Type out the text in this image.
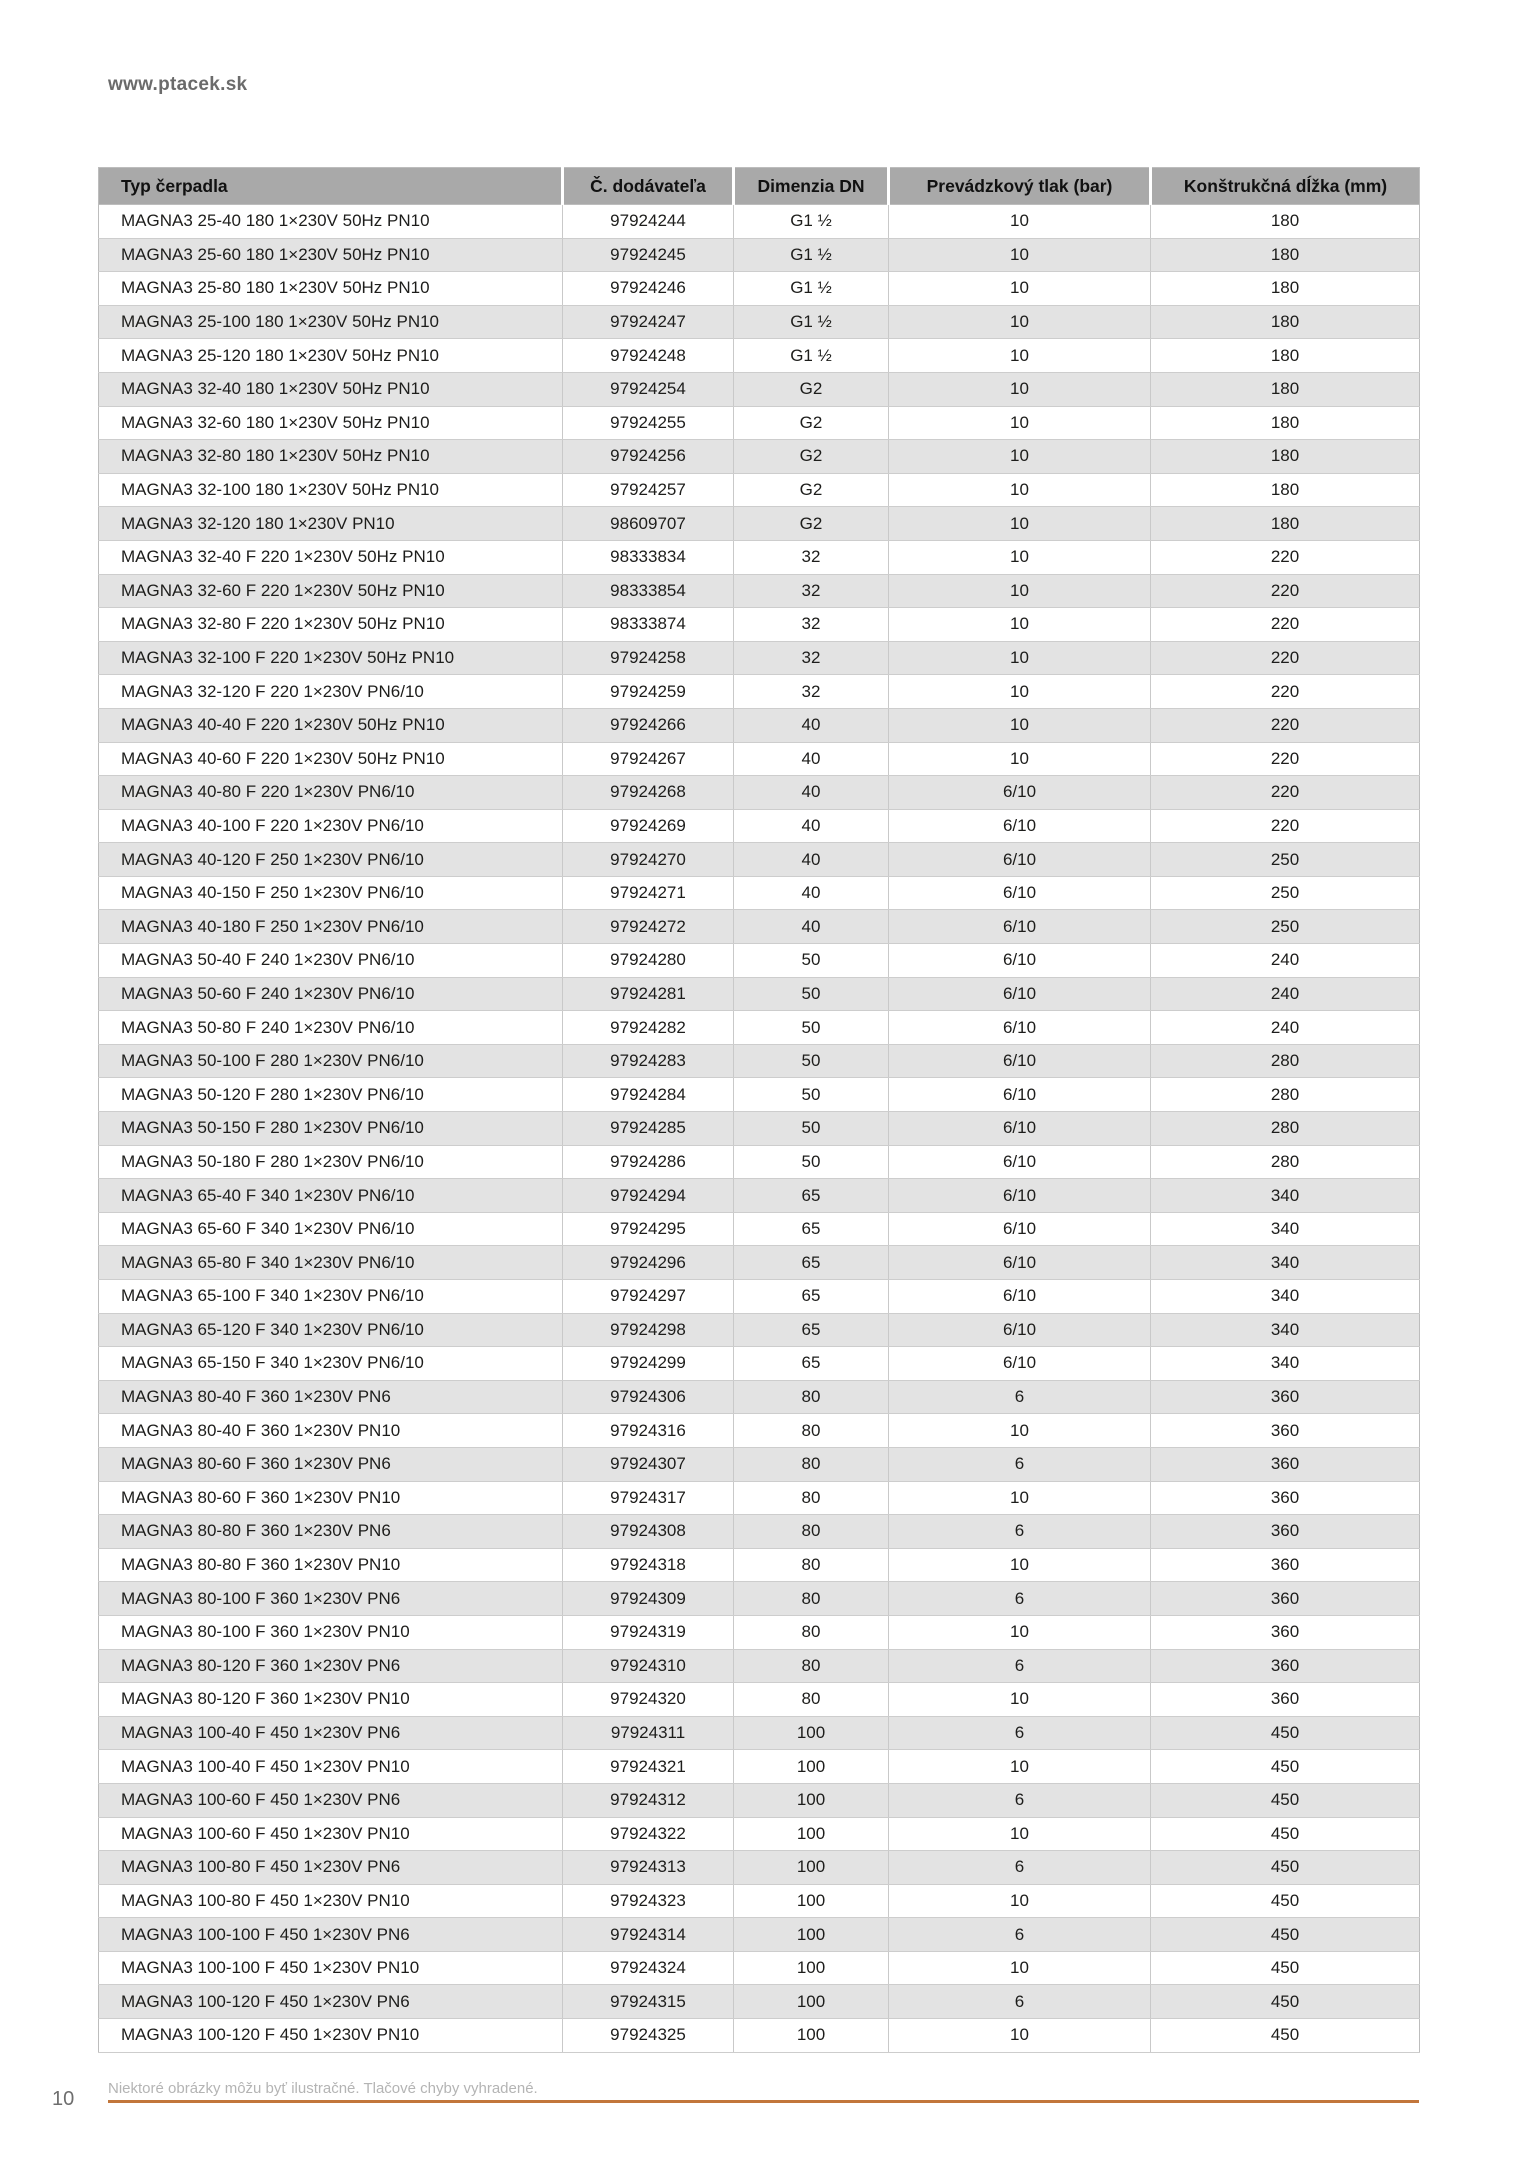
www.ptacek.sk
Typ čerpadla	Č. dodávateľa	Dimenzia DN	Prevádzkový tlak (bar)	Konštrukčná dĺžka (mm)
MAGNA3 25-40 180 1×230V 50Hz PN10	97924244	G1 ½	10	180
MAGNA3 25-60 180 1×230V 50Hz PN10	97924245	G1 ½	10	180
MAGNA3 25-80 180 1×230V 50Hz PN10	97924246	G1 ½	10	180
MAGNA3 25-100 180 1×230V 50Hz PN10	97924247	G1 ½	10	180
MAGNA3 25-120 180 1×230V 50Hz PN10	97924248	G1 ½	10	180
MAGNA3 32-40 180 1×230V 50Hz PN10	97924254	G2	10	180
MAGNA3 32-60 180 1×230V 50Hz PN10	97924255	G2	10	180
MAGNA3 32-80 180 1×230V 50Hz PN10	97924256	G2	10	180
MAGNA3 32-100 180 1×230V 50Hz PN10	97924257	G2	10	180
MAGNA3 32-120 180 1×230V PN10	98609707	G2	10	180
MAGNA3 32-40 F 220 1×230V 50Hz PN10	98333834	32	10	220
MAGNA3 32-60 F 220 1×230V 50Hz PN10	98333854	32	10	220
MAGNA3 32-80 F 220 1×230V 50Hz PN10	98333874	32	10	220
MAGNA3 32-100 F 220 1×230V 50Hz PN10	97924258	32	10	220
MAGNA3 32-120 F 220 1×230V PN6/10	97924259	32	10	220
MAGNA3 40-40 F 220 1×230V 50Hz PN10	97924266	40	10	220
MAGNA3 40-60 F 220 1×230V 50Hz PN10	97924267	40	10	220
MAGNA3 40-80 F 220 1×230V PN6/10	97924268	40	6/10	220
MAGNA3 40-100 F 220 1×230V PN6/10	97924269	40	6/10	220
MAGNA3 40-120 F 250 1×230V PN6/10	97924270	40	6/10	250
MAGNA3 40-150 F 250 1×230V PN6/10	97924271	40	6/10	250
MAGNA3 40-180 F 250 1×230V PN6/10	97924272	40	6/10	250
MAGNA3 50-40 F 240 1×230V PN6/10	97924280	50	6/10	240
MAGNA3 50-60 F 240 1×230V PN6/10	97924281	50	6/10	240
MAGNA3 50-80 F 240 1×230V PN6/10	97924282	50	6/10	240
MAGNA3 50-100 F 280 1×230V PN6/10	97924283	50	6/10	280
MAGNA3 50-120 F 280 1×230V PN6/10	97924284	50	6/10	280
MAGNA3 50-150 F 280 1×230V PN6/10	97924285	50	6/10	280
MAGNA3 50-180 F 280 1×230V PN6/10	97924286	50	6/10	280
MAGNA3 65-40 F 340 1×230V PN6/10	97924294	65	6/10	340
MAGNA3 65-60 F 340 1×230V PN6/10	97924295	65	6/10	340
MAGNA3 65-80 F 340 1×230V PN6/10	97924296	65	6/10	340
MAGNA3 65-100 F 340 1×230V PN6/10	97924297	65	6/10	340
MAGNA3 65-120 F 340 1×230V PN6/10	97924298	65	6/10	340
MAGNA3 65-150 F 340 1×230V PN6/10	97924299	65	6/10	340
MAGNA3 80-40 F 360 1×230V PN6	97924306	80	6	360
MAGNA3 80-40 F 360 1×230V PN10	97924316	80	10	360
MAGNA3 80-60 F 360 1×230V PN6	97924307	80	6	360
MAGNA3 80-60 F 360 1×230V PN10	97924317	80	10	360
MAGNA3 80-80 F 360 1×230V PN6	97924308	80	6	360
MAGNA3 80-80 F 360 1×230V PN10	97924318	80	10	360
MAGNA3 80-100 F 360 1×230V PN6	97924309	80	6	360
MAGNA3 80-100 F 360 1×230V PN10	97924319	80	10	360
MAGNA3 80-120 F 360 1×230V PN6	97924310	80	6	360
MAGNA3 80-120 F 360 1×230V PN10	97924320	80	10	360
MAGNA3 100-40 F 450 1×230V PN6	97924311	100	6	450
MAGNA3 100-40 F 450 1×230V PN10	97924321	100	10	450
MAGNA3 100-60 F 450 1×230V PN6	97924312	100	6	450
MAGNA3 100-60 F 450 1×230V PN10	97924322	100	10	450
MAGNA3 100-80 F 450 1×230V PN6	97924313	100	6	450
MAGNA3 100-80 F 450 1×230V PN10	97924323	100	10	450
MAGNA3 100-100 F 450 1×230V PN6	97924314	100	6	450
MAGNA3 100-100 F 450 1×230V PN10	97924324	100	10	450
MAGNA3 100-120 F 450 1×230V PN6	97924315	100	6	450
MAGNA3 100-120 F 450 1×230V PN10	97924325	100	10	450
Niektoré obrázky môžu byť ilustračné. Tlačové chyby vyhradené.
10
